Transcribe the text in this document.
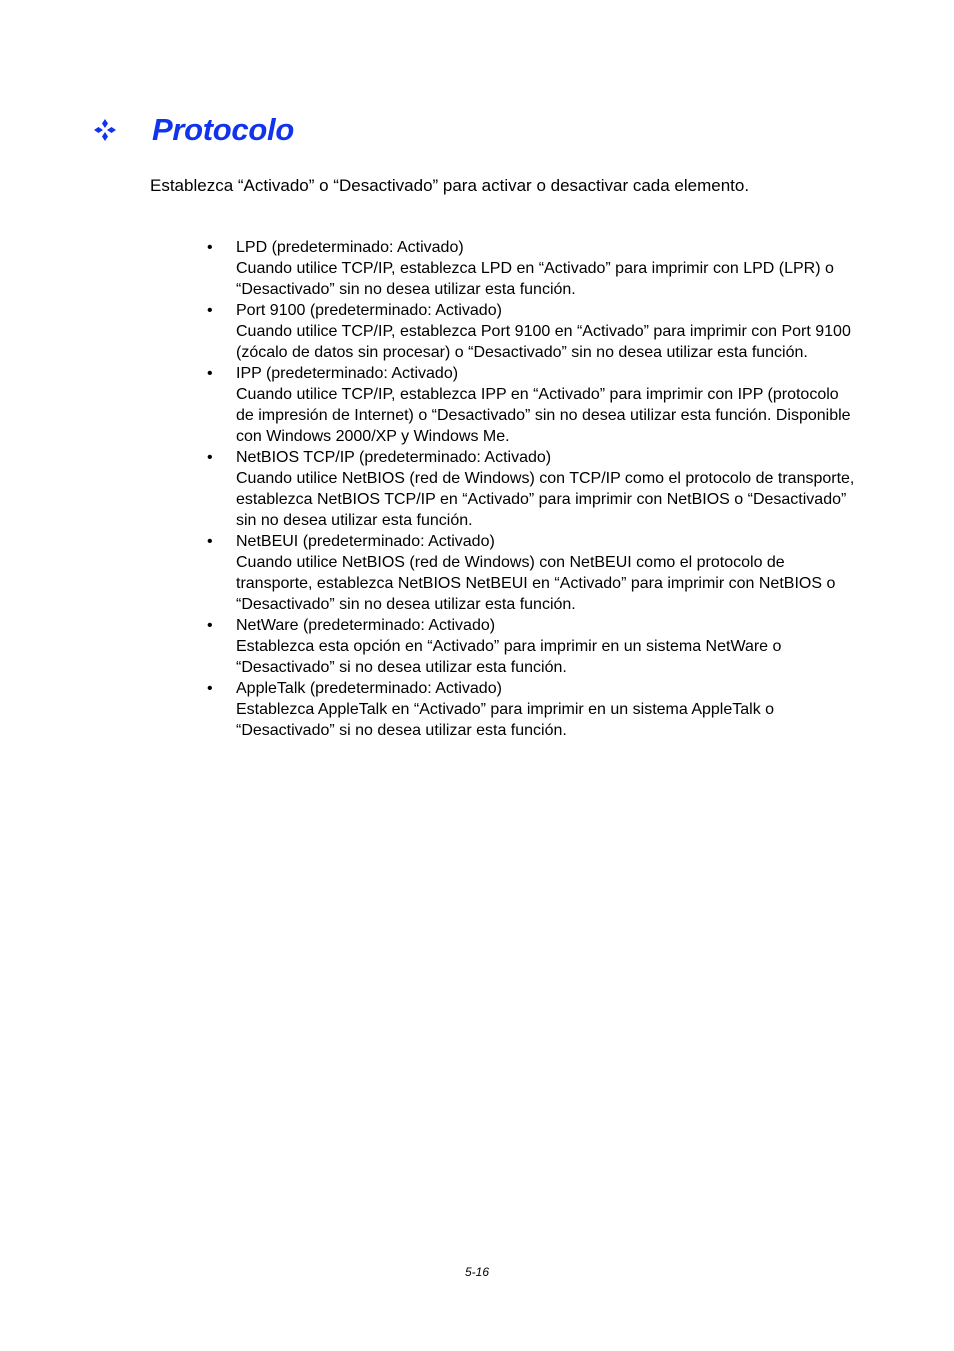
Protocolo
Establezca “Activado” o “Desactivado” para activar o desactivar cada elemento.
•	LPD (predeterminado: Activado)
Cuando utilice TCP/IP, establezca LPD en “Activado” para imprimir con LPD (LPR) o “Desactivado” sin no desea utilizar esta función.
•	Port 9100 (predeterminado: Activado)
Cuando utilice TCP/IP, establezca Port 9100 en “Activado” para imprimir con Port 9100 (zócalo de datos sin procesar) o “Desactivado” sin no desea utilizar esta función.
•	IPP (predeterminado: Activado)
Cuando utilice TCP/IP, establezca IPP en “Activado” para imprimir con IPP (protocolo de impresión de Internet) o “Desactivado” sin no desea utilizar esta función. Disponible con Windows 2000/XP y Windows Me.
•	NetBIOS TCP/IP (predeterminado: Activado)
Cuando utilice NetBIOS (red de Windows) con TCP/IP como el protocolo de transporte, establezca NetBIOS TCP/IP en “Activado” para imprimir con NetBIOS o “Desactivado” sin no desea utilizar esta función.
•	NetBEUI (predeterminado: Activado)
Cuando utilice NetBIOS (red de Windows) con NetBEUI como el protocolo de transporte, establezca NetBIOS NetBEUI en “Activado” para imprimir con NetBIOS o “Desactivado” sin no desea utilizar esta función.
•	NetWare (predeterminado: Activado)
Establezca esta opción en “Activado” para imprimir en un sistema NetWare o “Desactivado” si no desea utilizar esta función.
•	AppleTalk (predeterminado: Activado)
Establezca AppleTalk en “Activado” para imprimir en un sistema AppleTalk o “Desactivado” si no desea utilizar esta función.
5-16
